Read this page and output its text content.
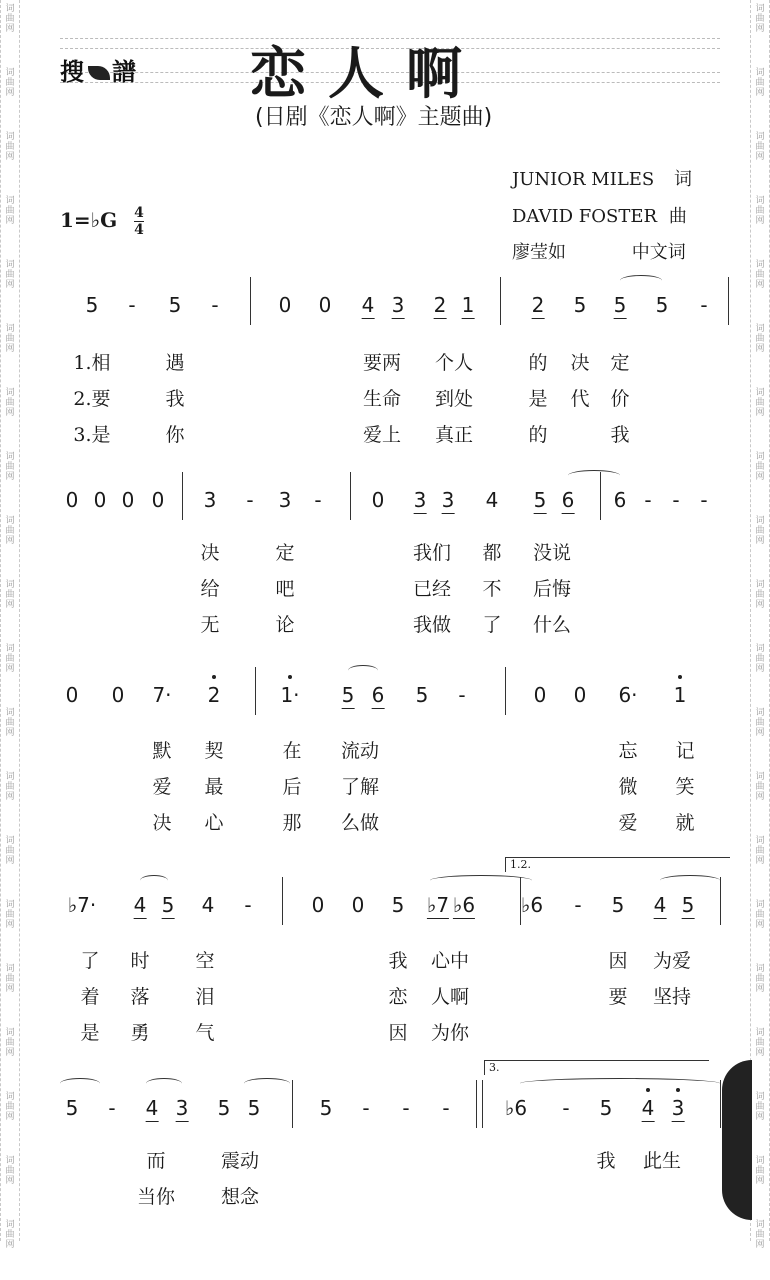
词
曲
网
词
曲
网
词
曲
网
词
曲
网
词
曲
网
词
曲
网
词
曲
网
词
曲
网
词
曲
网
词
曲
网
词
曲
网
词
曲
网
词
曲
网
词
曲
网
词
曲
网
词
曲
网
词
曲
网
词
曲
网
词
曲
网
词
曲
网
词
曲
网
词
曲
网
词
曲
网
词
曲
网
词
曲
网
词
曲
网
词
曲
网
词
曲
网
词
曲
网
词
曲
网
词
曲
网
词
曲
网
词
曲
网
词
曲
网
词
曲
网
词
曲
网
词
曲
网
词
曲
网
词
曲
网
词
曲
网
搜 譜 恋人啊
(日剧《恋人啊》主题曲)
JUNIOR MILES 词
DAVID FOSTER 曲
廖莹如	中文词
1=♭G $\frac{4}{4}$
5 - 5 -	0 0 4 3 2 1	2 5 5 5 -
1.相	遇	要两 个人	的 决 定
2.要	我	生命 到处	是 代 价
3.是	你	爱上 真正	的	我
0 0 0 0 3 - 3 -	0 3 3 4 5 6 6 - - -
决	定	我们 都 没说
给	吧	已经 不 后悔
无	论	我做 了 什么
0 0 7· 2	1· 5 6 5 -	0 0 6· 1
默 契	在 流动	忘 记
爱 最	后 了解	微 笑
决 心	那 么做	爱 就
♭7· 4 5 4 -	0 0 5 ♭7 ♭6 ♭6 - 5 4 5
1.2.
了 时 空	我 心中	因 为爱
着 落 泪	恋 人啊	要 坚持
是 勇 气	因 为你
5 - 4 3 5 5	5 - - -	♭6 - 5 4 3
3.
而	震动	我 此生
当你 想念
